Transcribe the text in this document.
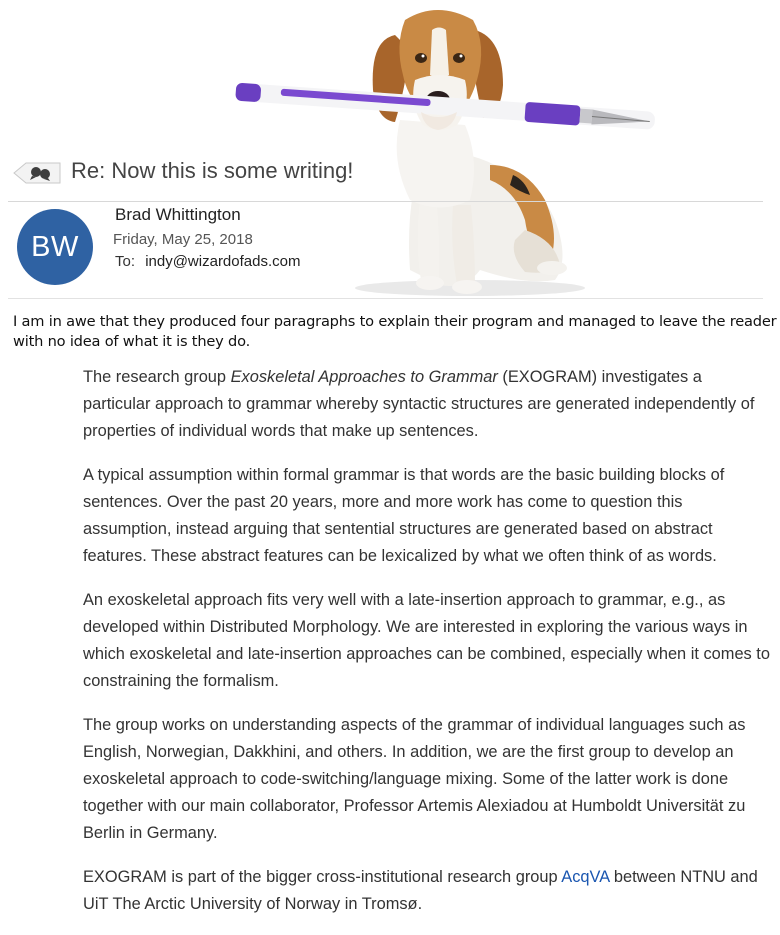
Re: Now this is some writing!
BW
Brad Whittington
Friday, May 25, 2018
To: indy@wizardofads.com
I am in awe that they produced four paragraphs to explain their program and managed to leave the reader with no idea of what it is they do.

The research group Exoskeletal Approaches to Grammar (EXOGRAM) investigates a particular approach to grammar whereby syntactic structures are generated independently of properties of individual words that make up sentences.

A typical assumption within formal grammar is that words are the basic building blocks of sentences. Over the past 20 years, more and more work has come to question this assumption, instead arguing that sentential structures are generated based on abstract features. These abstract features can be lexicalized by what we often think of as words.

An exoskeletal approach fits very well with a late-insertion approach to grammar, e.g., as developed within Distributed Morphology. We are interested in exploring the various ways in which exoskeletal and late-insertion approaches can be combined, especially when it comes to constraining the formalism.

The group works on understanding aspects of the grammar of individual languages such as English, Norwegian, Dakkhini, and others. In addition, we are the first group to develop an exoskeletal approach to code-switching/language mixing. Some of the latter work is done together with our main collaborator, Professor Artemis Alexiadou at Humboldt Universität zu Berlin in Germany.

EXOGRAM is part of the bigger cross-institutional research group AcqVA between NTNU and UiT The Arctic University of Norway in Tromsø.
